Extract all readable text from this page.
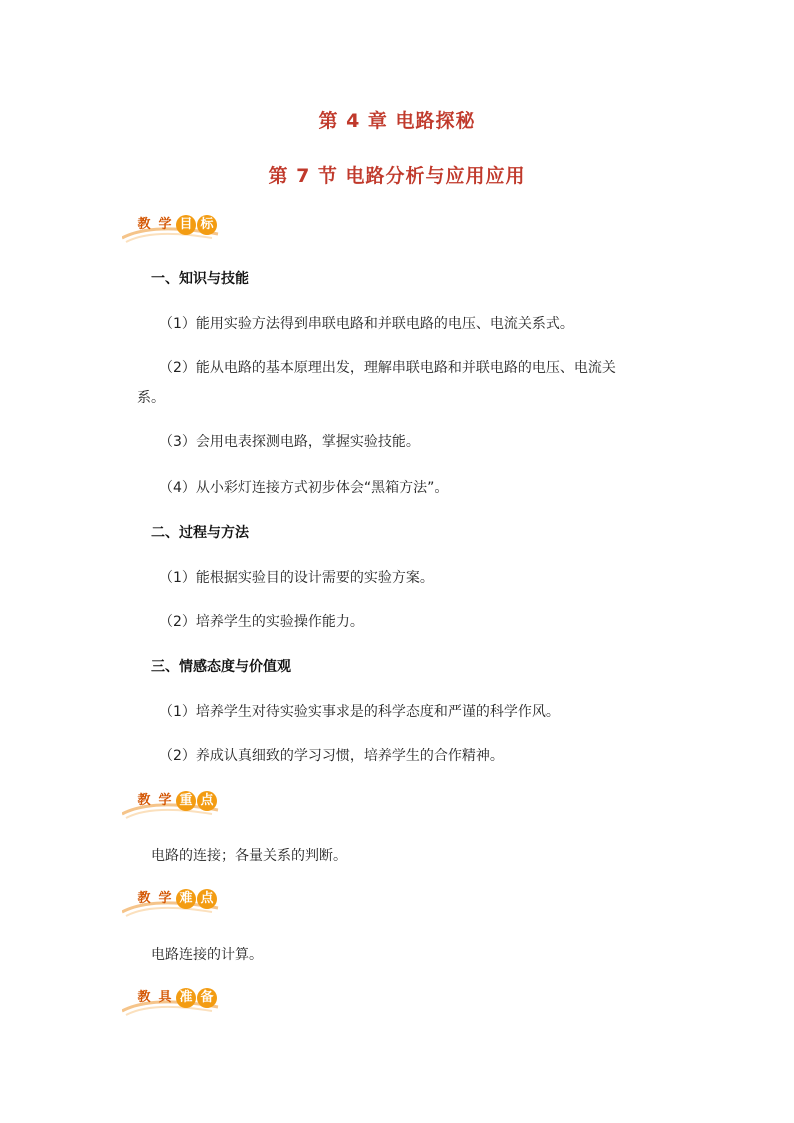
第 4 章 电路探秘
第 7 节 电路分析与应用应用
教 学 目 标
一、知识与技能
（1）能用实验方法得到串联电路和并联电路的电压、电流关系式。
（2）能从电路的基本原理出发，理解串联电路和并联电路的电压、电流关
系。
（3）会用电表探测电路，掌握实验技能。
（4）从小彩灯连接方式初步体会“黑箱方法”。
二、过程与方法
（1）能根据实验目的设计需要的实验方案。
（2）培养学生的实验操作能力。
三、情感态度与价值观
（1）培养学生对待实验实事求是的科学态度和严谨的科学作风。
（2）养成认真细致的学习习惯，培养学生的合作精神。
教 学 重 点
电路的连接；各量关系的判断。
教 学 难 点
电路连接的计算。
教 具 准 备
